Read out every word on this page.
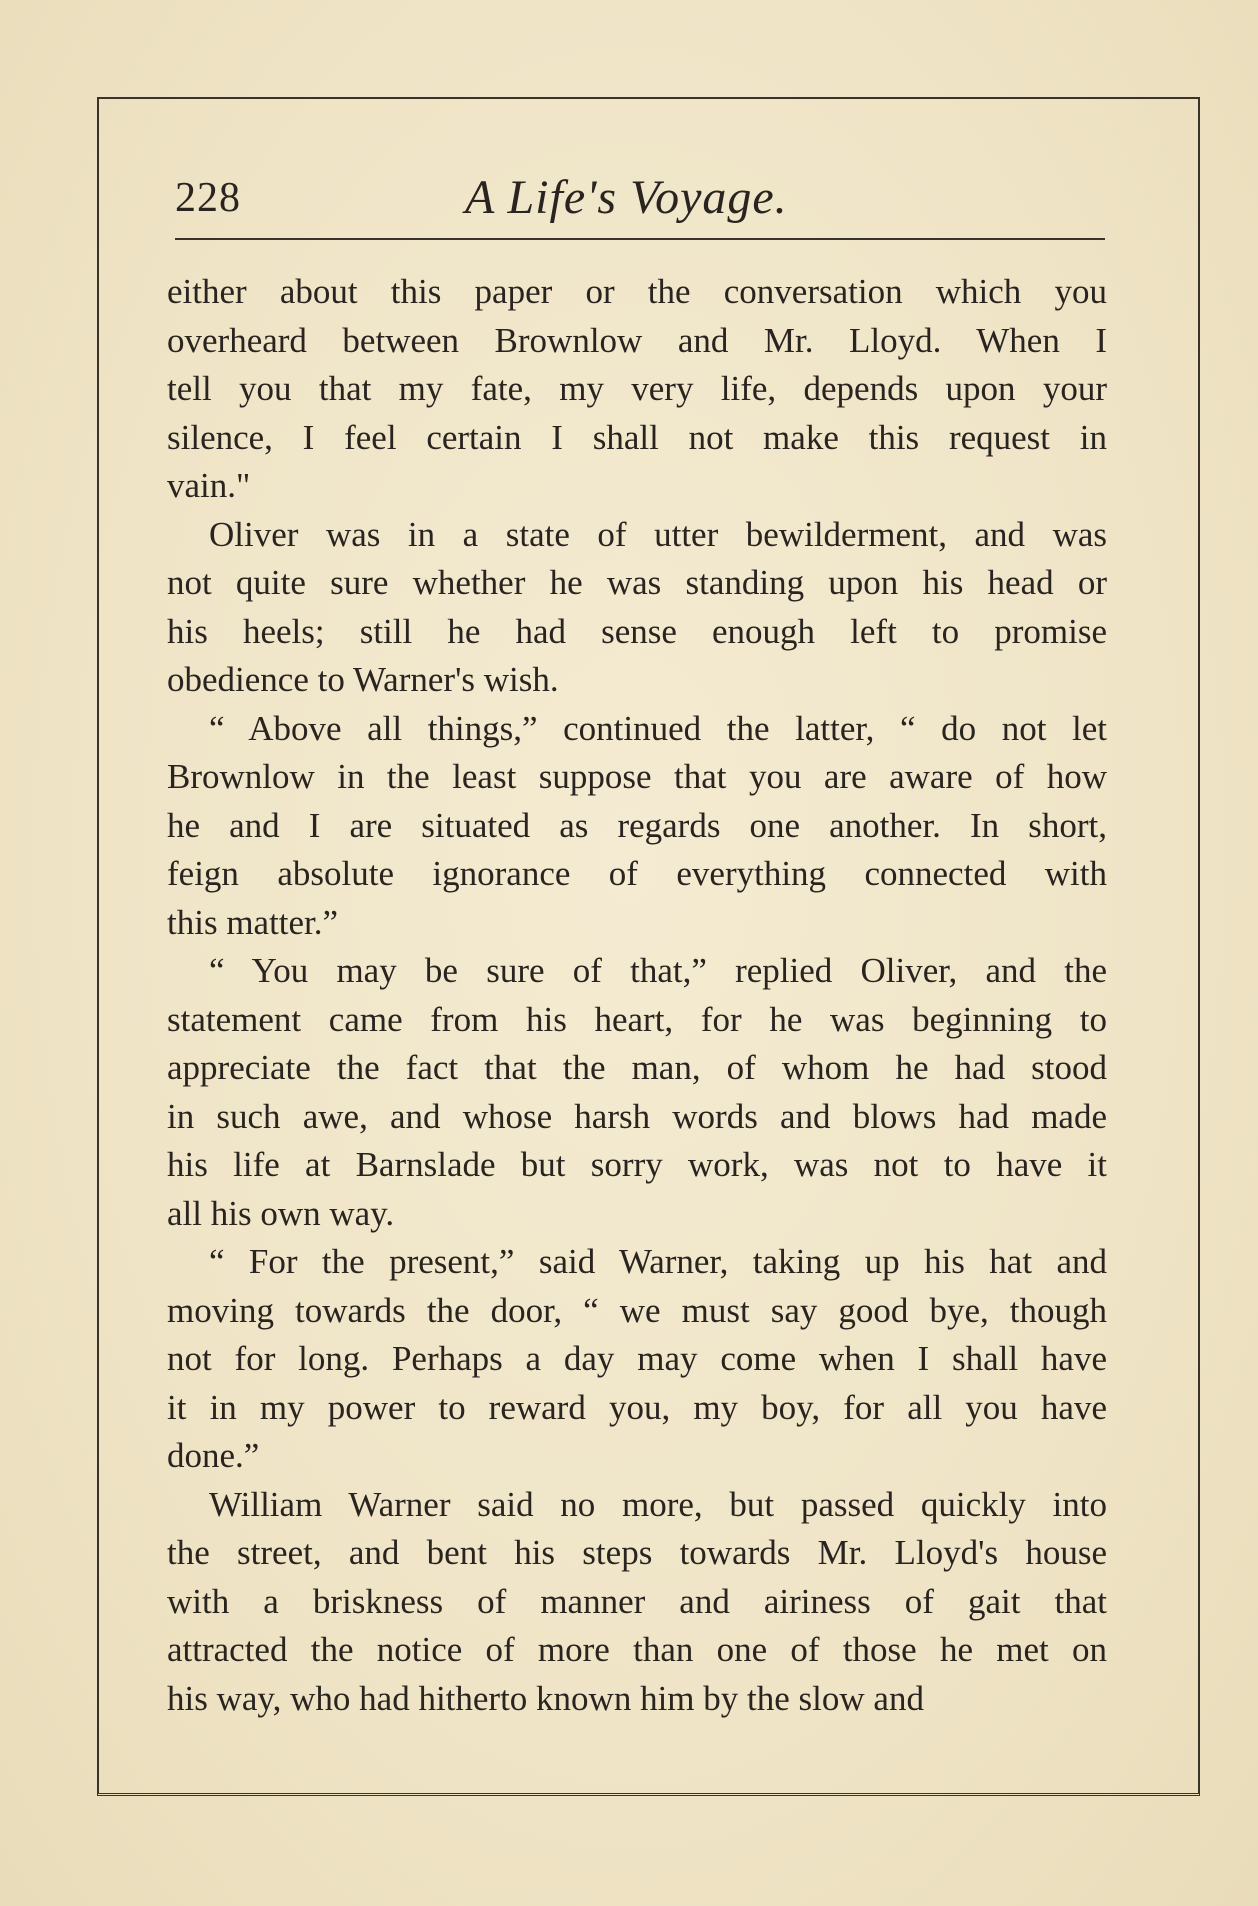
228	A Life's Voyage.
either about this paper or the conversation which you
overheard between Brownlow and Mr. Lloyd. When I
tell you that my fate, my very life, depends upon your
silence, I feel certain I shall not make this request in
vain."
Oliver was in a state of utter bewilderment, and was
not quite sure whether he was standing upon his head or
his heels; still he had sense enough left to promise
obedience to Warner's wish.
“ Above all things,” continued the latter, “ do not let
Brownlow in the least suppose that you are aware of how
he and I are situated as regards one another. In short,
feign absolute ignorance of everything connected with
this matter.”
“ You may be sure of that,” replied Oliver, and the
statement came from his heart, for he was beginning to
appreciate the fact that the man, of whom he had stood
in such awe, and whose harsh words and blows had made
his life at Barnslade but sorry work, was not to have it
all his own way.
“ For the present,” said Warner, taking up his hat and
moving towards the door, “ we must say good bye, though
not for long. Perhaps a day may come when I shall have
it in my power to reward you, my boy, for all you have
done.”
William Warner said no more, but passed quickly into
the street, and bent his steps towards Mr. Lloyd's house
with a briskness of manner and airiness of gait that
attracted the notice of more than one of those he met on
his way, who had hitherto known him by the slow and
